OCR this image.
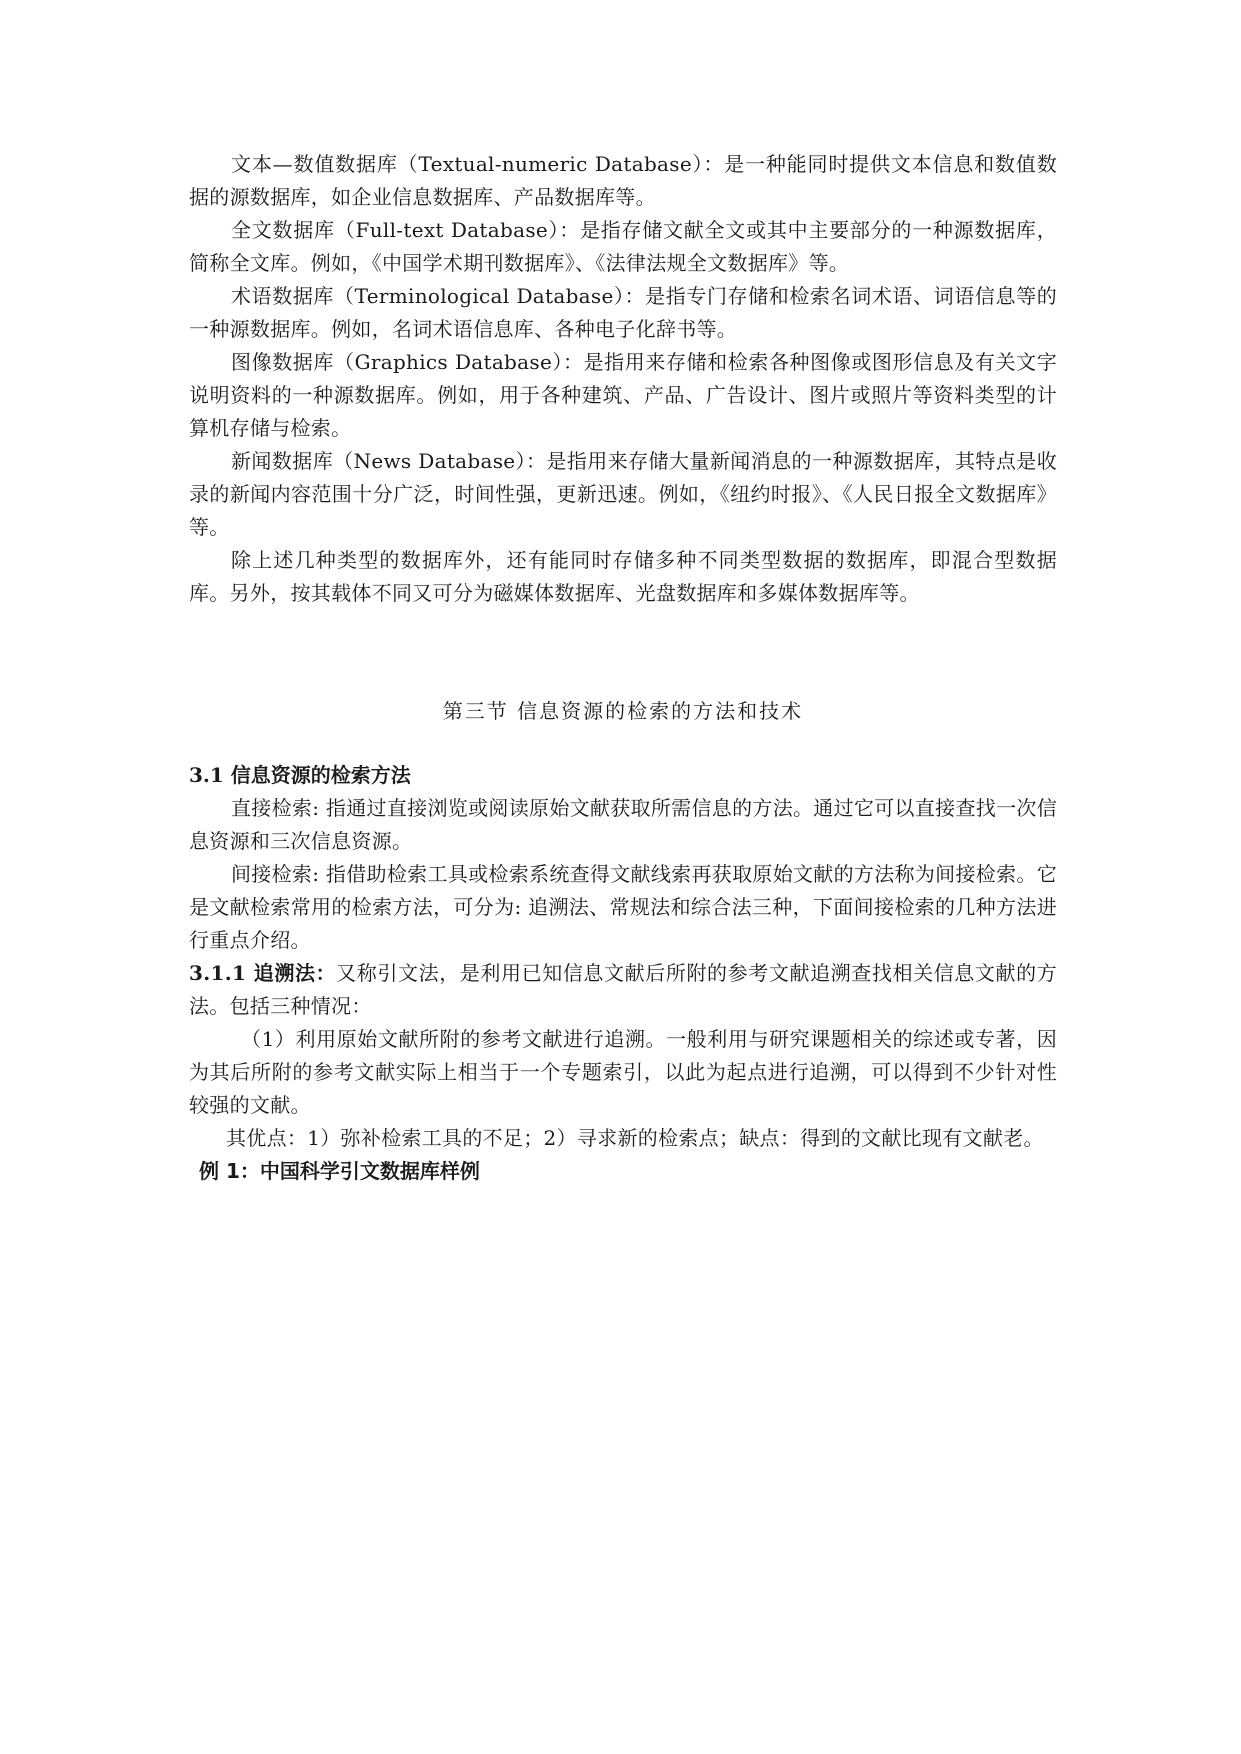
文本—数值数据库（Textual-numeric Database）：是一种能同时提供文本信息和数值数据的源数据库，如企业信息数据库、产品数据库等。

全文数据库（Full-text Database）：是指存储文献全文或其中主要部分的一种源数据库，简称全文库。例如，《中国学术期刊数据库》、《法律法规全文数据库》等。

术语数据库（Terminological Database）：是指专门存储和检索名词术语、词语信息等的一种源数据库。例如，名词术语信息库、各种电子化辞书等。

图像数据库（Graphics Database）：是指用来存储和检索各种图像或图形信息及有关文字说明资料的一种源数据库。例如，用于各种建筑、产品、广告设计、图片或照片等资料类型的计算机存储与检索。

新闻数据库（News Database）：是指用来存储大量新闻消息的一种源数据库，其特点是收录的新闻内容范围十分广泛，时间性强，更新迅速。例如，《纽约时报》、《人民日报全文数据库》等。

除上述几种类型的数据库外，还有能同时存储多种不同类型数据的数据库，即混合型数据库。另外，按其载体不同又可分为磁媒体数据库、光盘数据库和多媒体数据库等。

第三节 信息资源的检索的方法和技术

3.1 信息资源的检索方法

直接检索: 指通过直接浏览或阅读原始文献获取所需信息的方法。通过它可以直接查找一次信息资源和三次信息资源。

间接检索: 指借助检索工具或检索系统查得文献线索再获取原始文献的方法称为间接检索。它是文献检索常用的检索方法，可分为: 追溯法、常规法和综合法三种，下面间接检索的几种方法进行重点介绍。

3.1.1 追溯法：又称引文法，是利用已知信息文献后所附的参考文献追溯查找相关信息文献的方法。包括三种情况：

（1）利用原始文献所附的参考文献进行追溯。一般利用与研究课题相关的综述或专著，因为其后所附的参考文献实际上相当于一个专题索引，以此为起点进行追溯，可以得到不少针对性较强的文献。

其优点：1）弥补检索工具的不足；2）寻求新的检索点；缺点：得到的文献比现有文献老。

例 1：中国科学引文数据库样例
